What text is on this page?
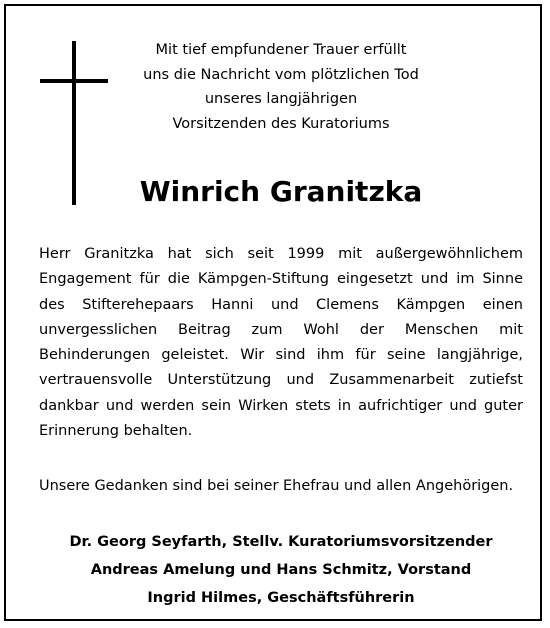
Mit tief empfundener Trauer erfüllt
uns die Nachricht vom plötzlichen Tod
unseres langjährigen
Vorsitzenden des Kuratoriums
Winrich Granitzka
Herr Granitzka hat sich seit 1999 mit außergewöhnlichem
Engagement für die Kämpgen-Stiftung eingesetzt und im Sinne
des Stifterehepaars Hanni und Clemens Kämpgen einen
unvergesslichen Beitrag zum Wohl der Menschen mit
Behinderungen geleistet. Wir sind ihm für seine langjährige,
vertrauensvolle Unterstützung und Zusammenarbeit zutiefst
dankbar und werden sein Wirken stets in aufrichtiger und guter
Erinnerung behalten.
Unsere Gedanken sind bei seiner Ehefrau und allen Angehörigen.
Dr. Georg Seyfarth, Stellv. Kuratoriumsvorsitzender
Andreas Amelung und Hans Schmitz, Vorstand
Ingrid Hilmes, Geschäftsführerin
